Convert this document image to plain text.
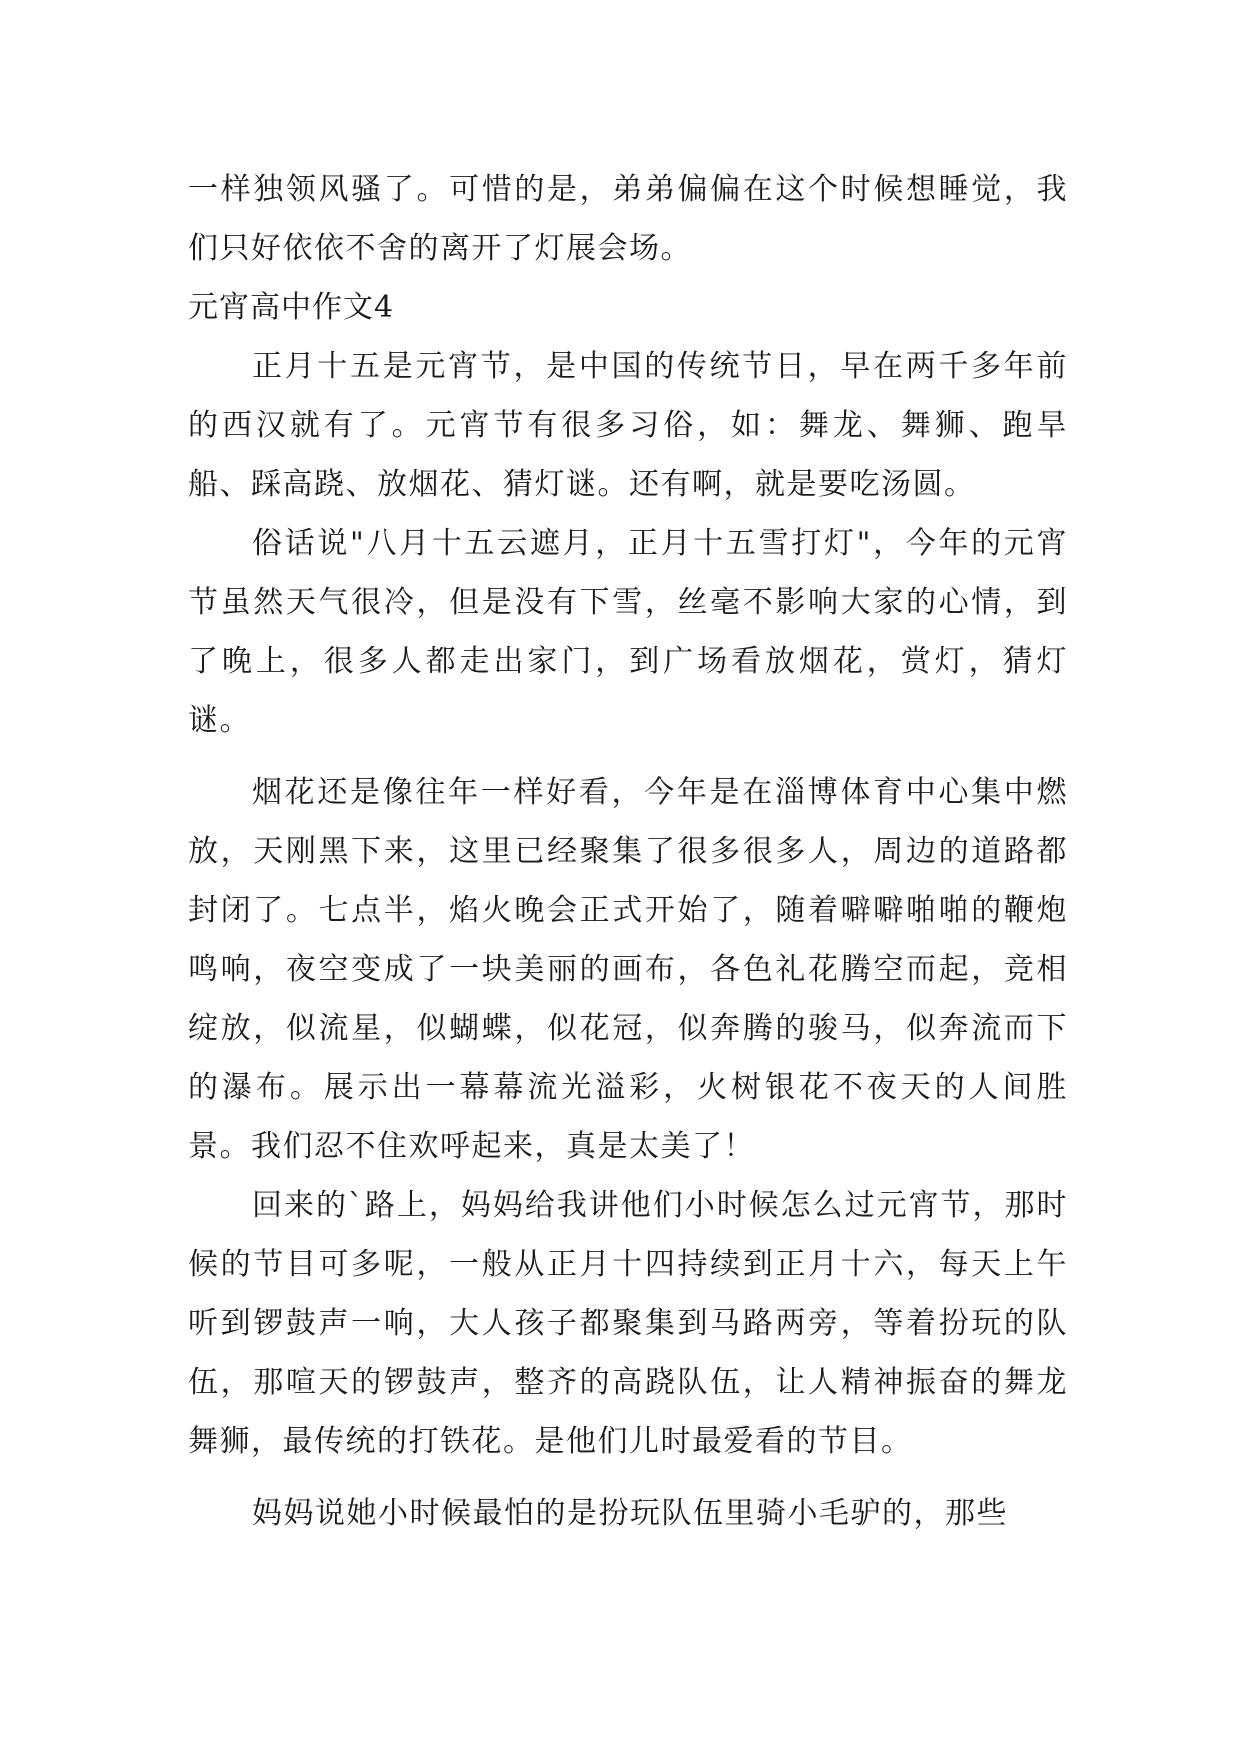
一样独领风骚了。可惜的是，弟弟偏偏在这个时候想睡觉，我们只好依依不舍的离开了灯展会场。

元宵高中作文4

正月十五是元宵节，是中国的传统节日，早在两千多年前的西汉就有了。元宵节有很多习俗，如：舞龙、舞狮、跑旱船、踩高跷、放烟花、猜灯谜。还有啊，就是要吃汤圆。

俗话说"八月十五云遮月，正月十五雪打灯"，今年的元宵节虽然天气很冷，但是没有下雪，丝毫不影响大家的心情，到了晚上，很多人都走出家门，到广场看放烟花，赏灯，猜灯谜。

烟花还是像往年一样好看，今年是在淄博体育中心集中燃放，天刚黑下来，这里已经聚集了很多很多人，周边的道路都封闭了。七点半，焰火晚会正式开始了，随着噼噼啪啪的鞭炮鸣响，夜空变成了一块美丽的画布，各色礼花腾空而起，竞相绽放，似流星，似蝴蝶，似花冠，似奔腾的骏马，似奔流而下的瀑布。展示出一幕幕流光溢彩，火树银花不夜天的人间胜景。我们忍不住欢呼起来，真是太美了！

回来的`路上，妈妈给我讲他们小时候怎么过元宵节，那时候的节目可多呢，一般从正月十四持续到正月十六，每天上午听到锣鼓声一响，大人孩子都聚集到马路两旁，等着扮玩的队伍，那喧天的锣鼓声，整齐的高跷队伍，让人精神振奋的舞龙舞狮，最传统的打铁花。是他们儿时最爱看的节目。

妈妈说她小时候最怕的是扮玩队伍里骑小毛驴的，那些
